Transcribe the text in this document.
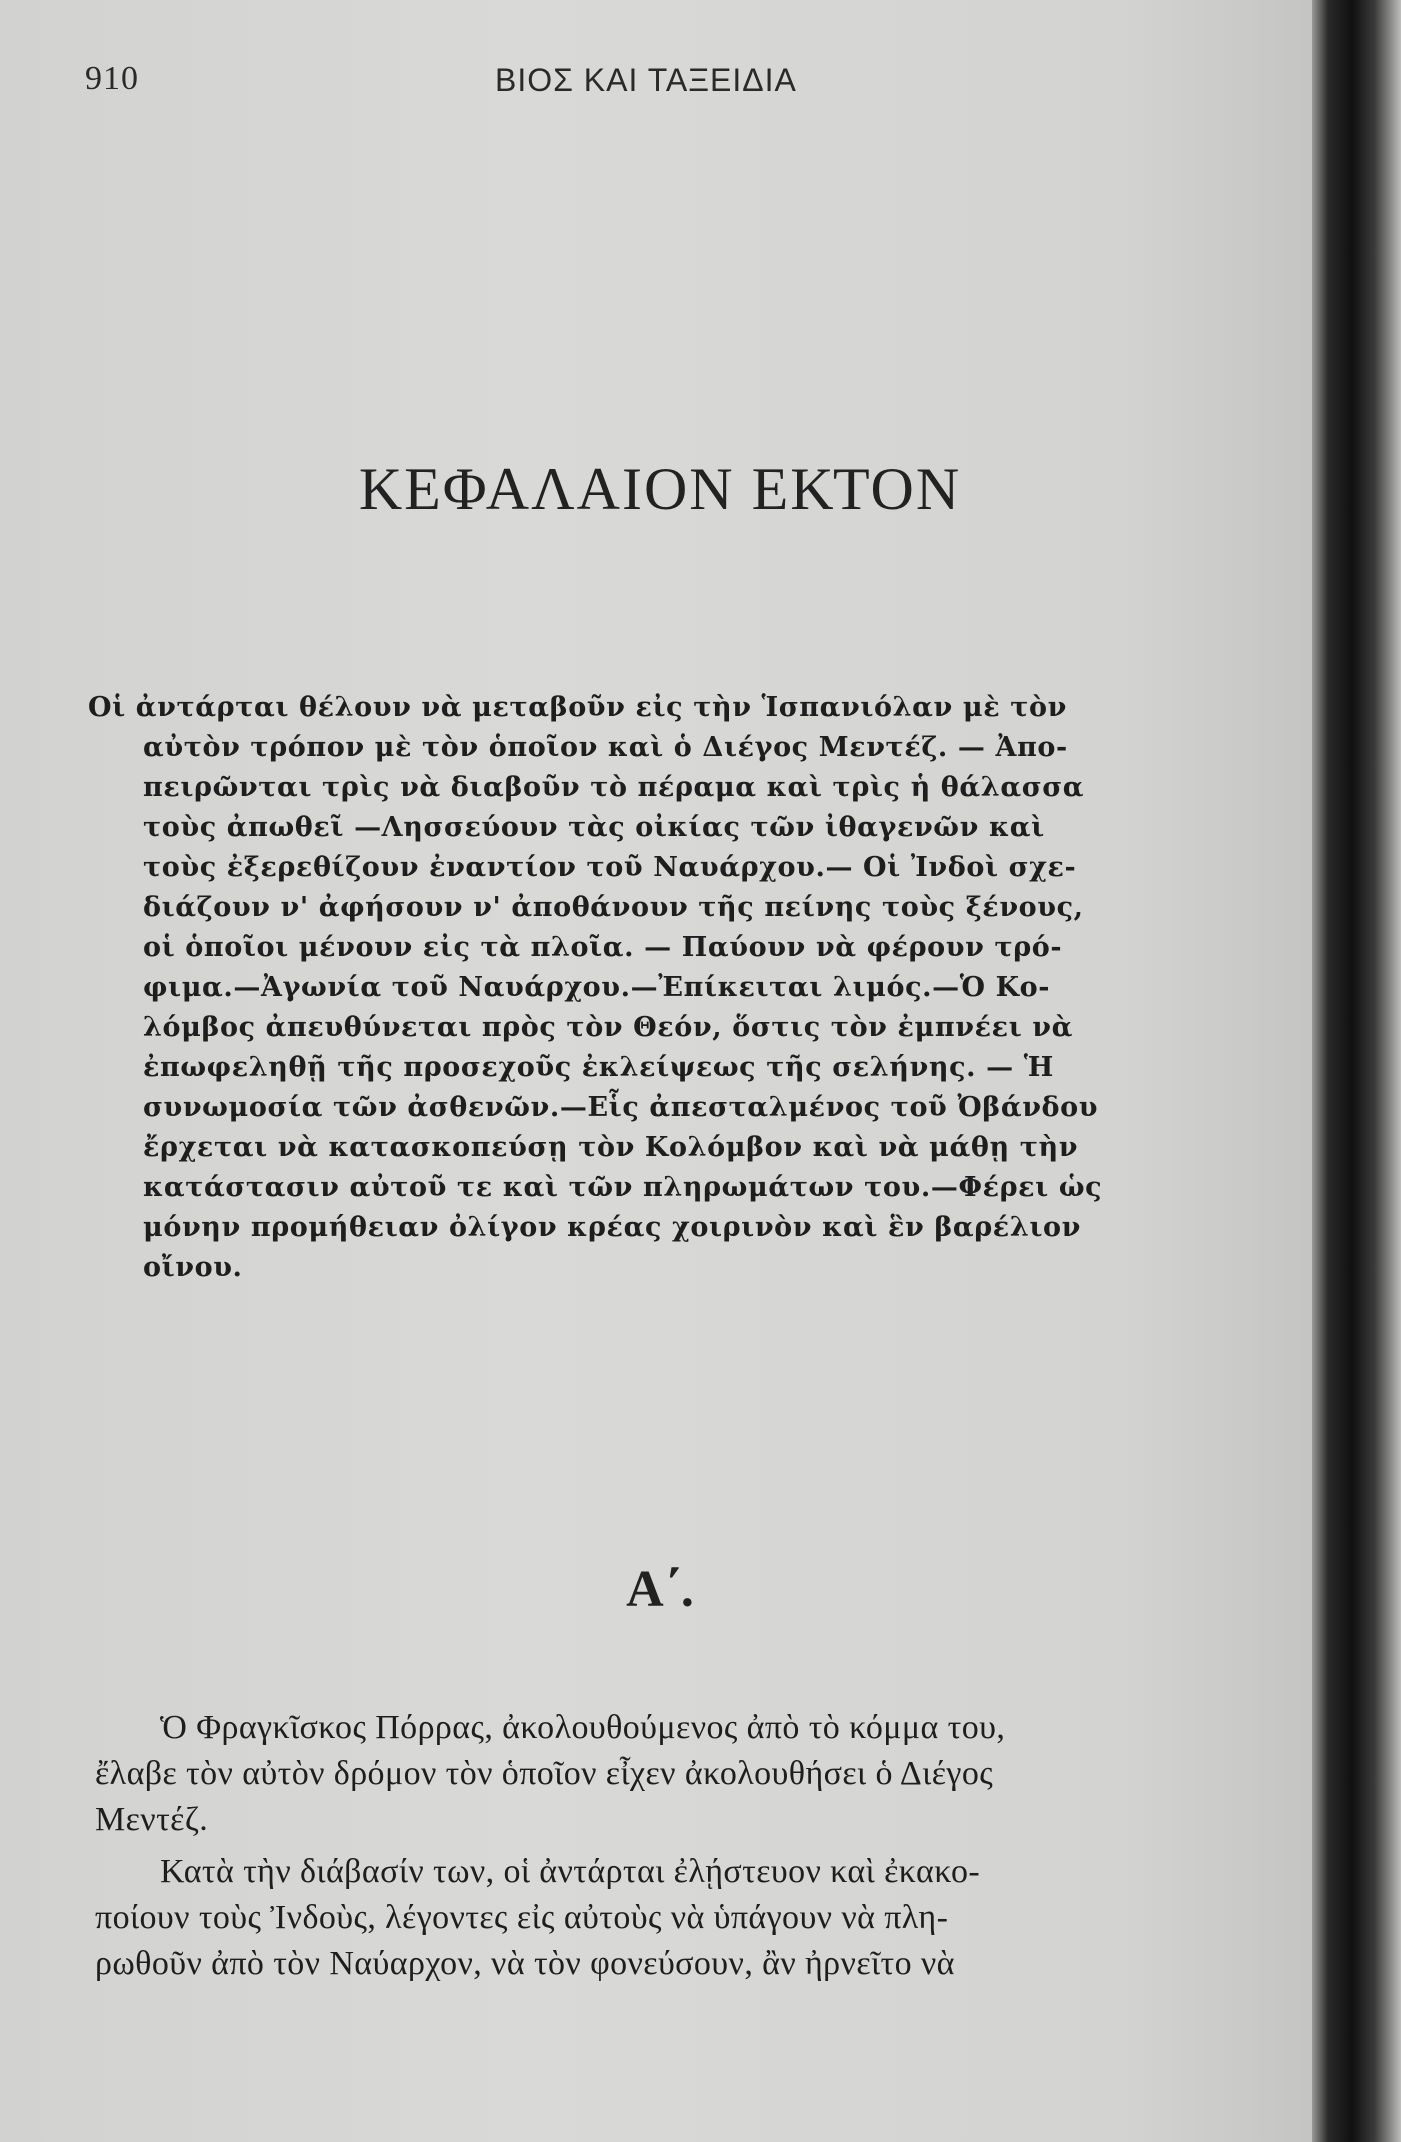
910	ΒΙΟΣ ΚΑΙ ΤΑΞΕΙΔΙΑ
ΚΕΦΑΛΑΙΟΝ ΕΚΤΟΝ
Οἱ ἀντάρται θέλουν νὰ μεταβοῦν εἰς τὴν Ἱσπανιόλαν μὲ τὸν
αὐτὸν τρόπον μὲ τὸν ὁποῖον καὶ ὁ Διέγος Μεντέζ. — Ἀπο-
πειρῶνται τρὶς νὰ διαβοῦν τὸ πέραμα καὶ τρὶς ἡ θάλασσα
τοὺς ἀπωθεῖ —Λησσεύουν τὰς οἰκίας τῶν ἰθαγενῶν καὶ
τοὺς ἐξερεθίζουν ἐναντίον τοῦ Ναυάρχου.— Οἱ Ἰνδοὶ σχε-
διάζουν ν' ἀφήσουν ν' ἀποθάνουν τῆς πείνης τοὺς ξένους,
οἱ ὁποῖοι μένουν εἰς τὰ πλοῖα. — Παύουν νὰ φέρουν τρό-
φιμα.—Ἀγωνία τοῦ Ναυάρχου.—Ἐπίκειται λιμός.—Ὁ Κο-
λόμβος ἀπευθύνεται πρὸς τὸν Θεόν, ὅστις τὸν ἐμπνέει νὰ
ἐπωφεληθῇ τῆς προσεχοῦς ἐκλείψεως τῆς σελήνης. — Ἡ
συνωμοσία τῶν ἀσθενῶν.—Εἷς ἀπεσταλμένος τοῦ Ὀβάνδου
ἔρχεται νὰ κατασκοπεύσῃ τὸν Κολόμβον καὶ νὰ μάθῃ τὴν
κατάστασιν αὐτοῦ τε καὶ τῶν πληρωμάτων του.—Φέρει ὡς
μόνην προμήθειαν ὀλίγον κρέας χοιρινὸν καὶ ἓν βαρέλιον
οἴνου.
Α΄.
Ὁ Φραγκῖσκος Πόρρας, ἀκολουθούμενος ἀπὸ τὸ κόμμα του,
ἔλαβε τὸν αὐτὸν δρόμον τὸν ὁποῖον εἶχεν ἀκολουθήσει ὁ Διέγος
Μεντέζ.
Κατὰ τὴν διάβασίν των, οἱ ἀντάρται ἐλῄστευον καὶ ἐκακο-
ποίουν τοὺς Ἰνδοὺς, λέγοντες εἰς αὐτοὺς νὰ ὑπάγουν νὰ πλη-
ρωθοῦν ἀπὸ τὸν Ναύαρχον, νὰ τὸν φονεύσουν, ἂν ἠρνεῖτο νὰ
